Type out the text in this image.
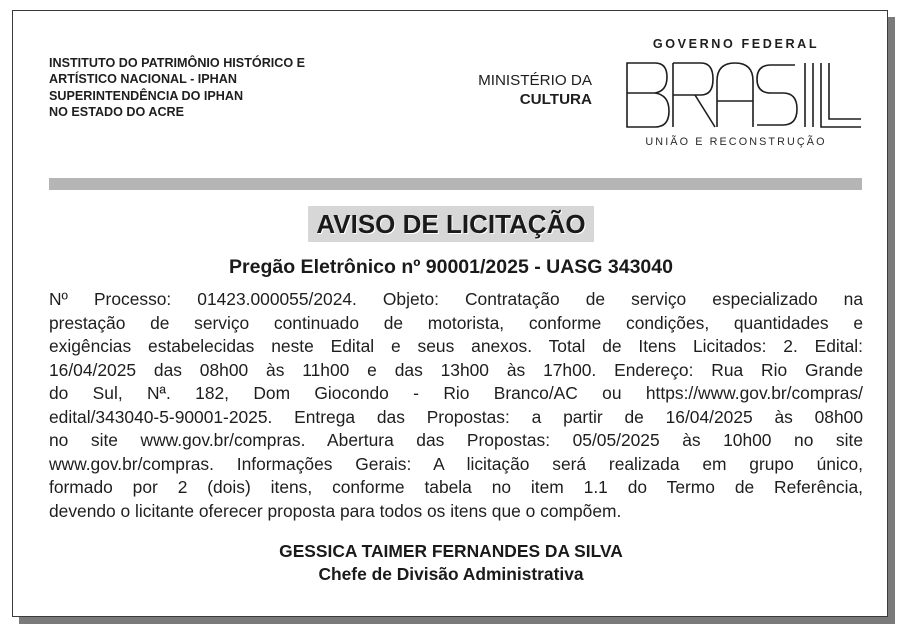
INSTITUTO DO PATRIMÔNIO HISTÓRICO E
ARTÍSTICO NACIONAL - IPHAN
SUPERINTENDÊNCIA DO IPHAN
NO ESTADO DO ACRE
MINISTÉRIO DA
CULTURA
GOVERNO FEDERAL
UNIÃO E RECONSTRUÇÃO
AVISO DE LICITAÇÃO
Pregão Eletrônico nº 90001/2025 - UASG 343040
Nº Processo: 01423.000055/2024. Objeto: Contratação de serviço especializado na
prestação de serviço continuado de motorista, conforme condições, quantidades e
exigências estabelecidas neste Edital e seus anexos. Total de Itens Licitados: 2. Edital:
16/04/2025 das 08h00 às 11h00 e das 13h00 às 17h00. Endereço: Rua Rio Grande
do Sul, Nª. 182, Dom Giocondo - Rio Branco/AC ou https://www.gov.br/compras/
edital/343040-5-90001-2025. Entrega das Propostas: a partir de 16/04/2025 às 08h00
no site www.gov.br/compras. Abertura das Propostas: 05/05/2025 às 10h00 no site
www.gov.br/compras. Informações Gerais: A licitação será realizada em grupo único,
formado por 2 (dois) itens, conforme tabela no item 1.1 do Termo de Referência,
devendo o licitante oferecer proposta para todos os itens que o compõem.
GESSICA TAIMER FERNANDES DA SILVA
Chefe de Divisão Administrativa
